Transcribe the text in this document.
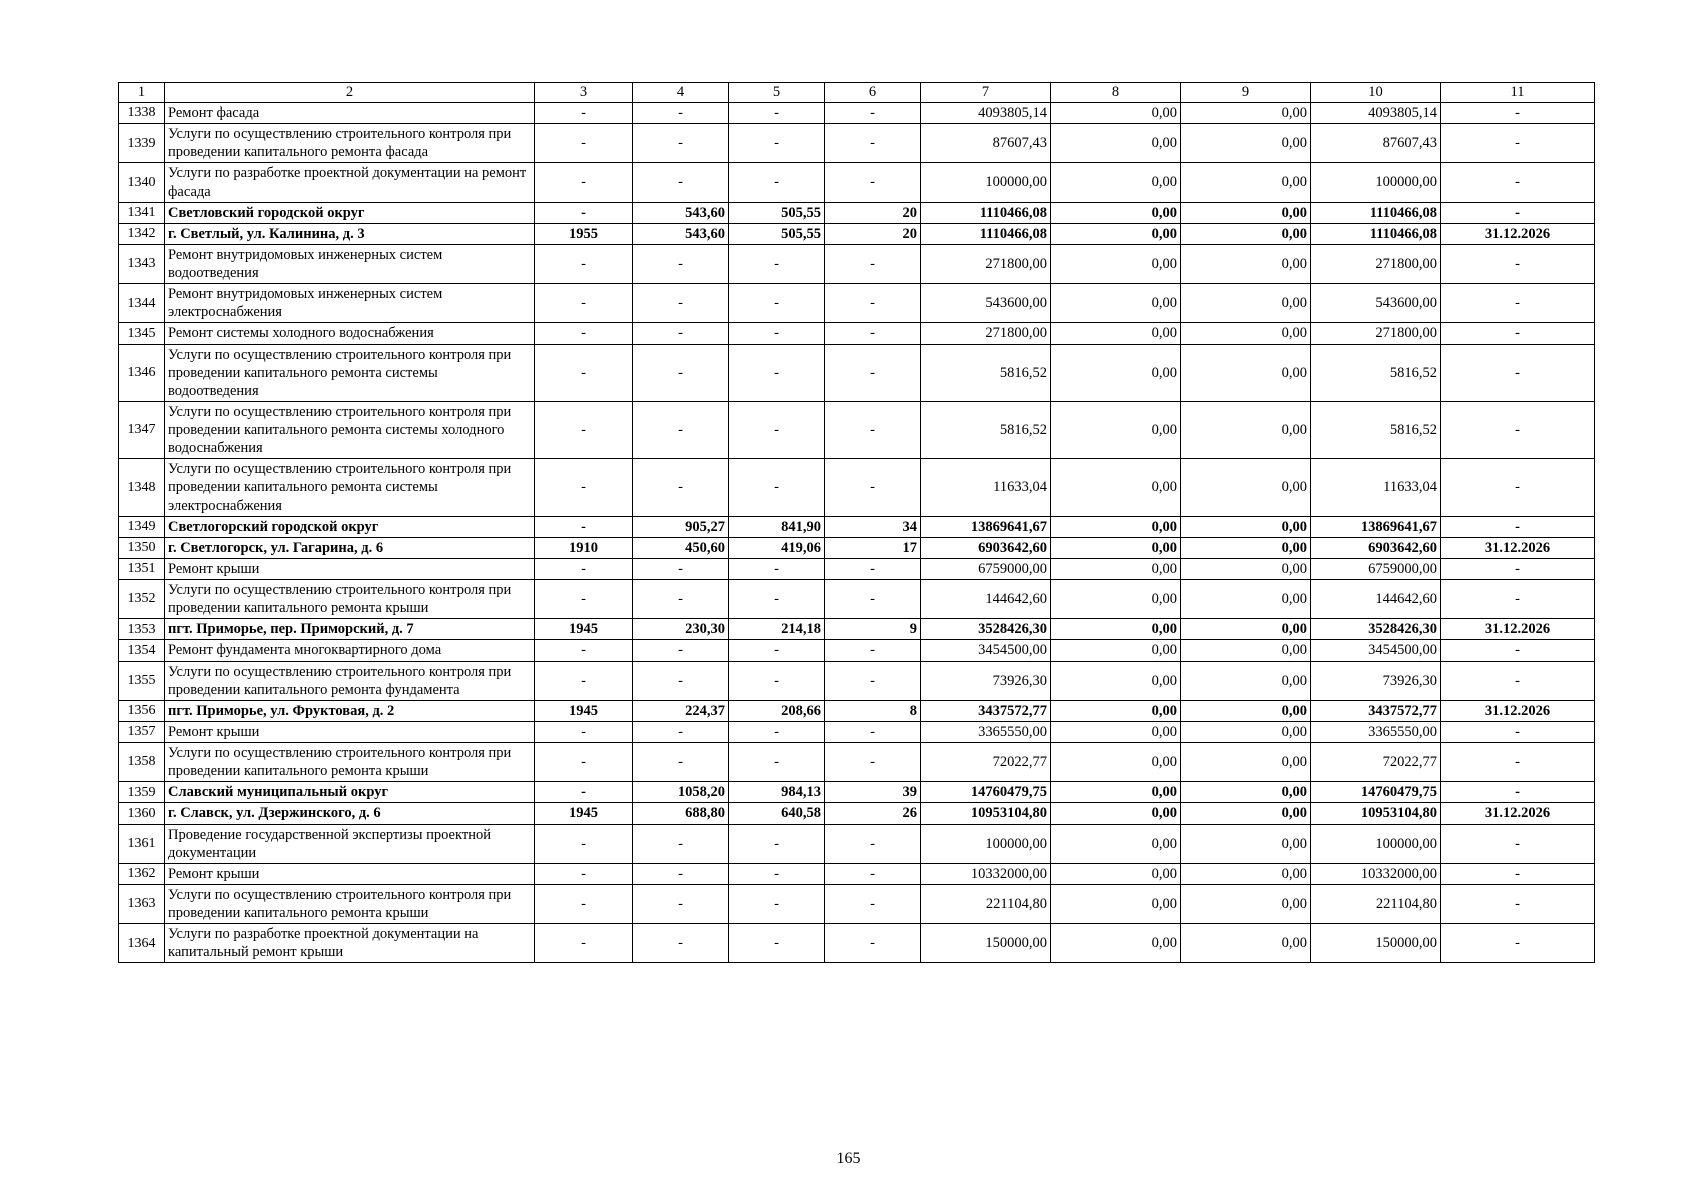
1	2	3	4	5	6	7	8	9	10	11
1338	Ремонт фасада	-	-	-	-	4093805,14	0,00	0,00	4093805,14	-
1339	Услуги по осуществлению строительного контроля при проведении капитального ремонта фасада	-	-	-	-	87607,43	0,00	0,00	87607,43	-
1340	Услуги по разработке проектной документации на ремонт фасада	-	-	-	-	100000,00	0,00	0,00	100000,00	-
1341	Светловский городской округ	-	543,60	505,55	20	1110466,08	0,00	0,00	1110466,08	-
1342	г. Светлый, ул. Калинина, д. 3	1955	543,60	505,55	20	1110466,08	0,00	0,00	1110466,08	31.12.2026
1343	Ремонт внутридомовых инженерных систем водоотведения	-	-	-	-	271800,00	0,00	0,00	271800,00	-
1344	Ремонт внутридомовых инженерных систем электроснабжения	-	-	-	-	543600,00	0,00	0,00	543600,00	-
1345	Ремонт системы холодного водоснабжения	-	-	-	-	271800,00	0,00	0,00	271800,00	-
1346	Услуги по осуществлению строительного контроля при проведении капитального ремонта системы водоотведения	-	-	-	-	5816,52	0,00	0,00	5816,52	-
1347	Услуги по осуществлению строительного контроля при проведении капитального ремонта системы холодного водоснабжения	-	-	-	-	5816,52	0,00	0,00	5816,52	-
1348	Услуги по осуществлению строительного контроля при проведении капитального ремонта системы электроснабжения	-	-	-	-	11633,04	0,00	0,00	11633,04	-
1349	Светлогорский городской округ	-	905,27	841,90	34	13869641,67	0,00	0,00	13869641,67	-
1350	г. Светлогорск, ул. Гагарина, д. 6	1910	450,60	419,06	17	6903642,60	0,00	0,00	6903642,60	31.12.2026
1351	Ремонт крыши	-	-	-	-	6759000,00	0,00	0,00	6759000,00	-
1352	Услуги по осуществлению строительного контроля при проведении капитального ремонта крыши	-	-	-	-	144642,60	0,00	0,00	144642,60	-
1353	пгт. Приморье, пер. Приморский, д. 7	1945	230,30	214,18	9	3528426,30	0,00	0,00	3528426,30	31.12.2026
1354	Ремонт фундамента многоквартирного дома	-	-	-	-	3454500,00	0,00	0,00	3454500,00	-
1355	Услуги по осуществлению строительного контроля при проведении капитального ремонта фундамента	-	-	-	-	73926,30	0,00	0,00	73926,30	-
1356	пгт. Приморье, ул. Фруктовая, д. 2	1945	224,37	208,66	8	3437572,77	0,00	0,00	3437572,77	31.12.2026
1357	Ремонт крыши	-	-	-	-	3365550,00	0,00	0,00	3365550,00	-
1358	Услуги по осуществлению строительного контроля при проведении капитального ремонта крыши	-	-	-	-	72022,77	0,00	0,00	72022,77	-
1359	Славский муниципальный округ	-	1058,20	984,13	39	14760479,75	0,00	0,00	14760479,75	-
1360	г. Славск, ул. Дзержинского, д. 6	1945	688,80	640,58	26	10953104,80	0,00	0,00	10953104,80	31.12.2026
1361	Проведение государственной экспертизы проектной документации	-	-	-	-	100000,00	0,00	0,00	100000,00	-
1362	Ремонт крыши	-	-	-	-	10332000,00	0,00	0,00	10332000,00	-
1363	Услуги по осуществлению строительного контроля при проведении капитального ремонта крыши	-	-	-	-	221104,80	0,00	0,00	221104,80	-
1364	Услуги по разработке проектной документации на капитальный ремонт крыши	-	-	-	-	150000,00	0,00	0,00	150000,00	-
165
